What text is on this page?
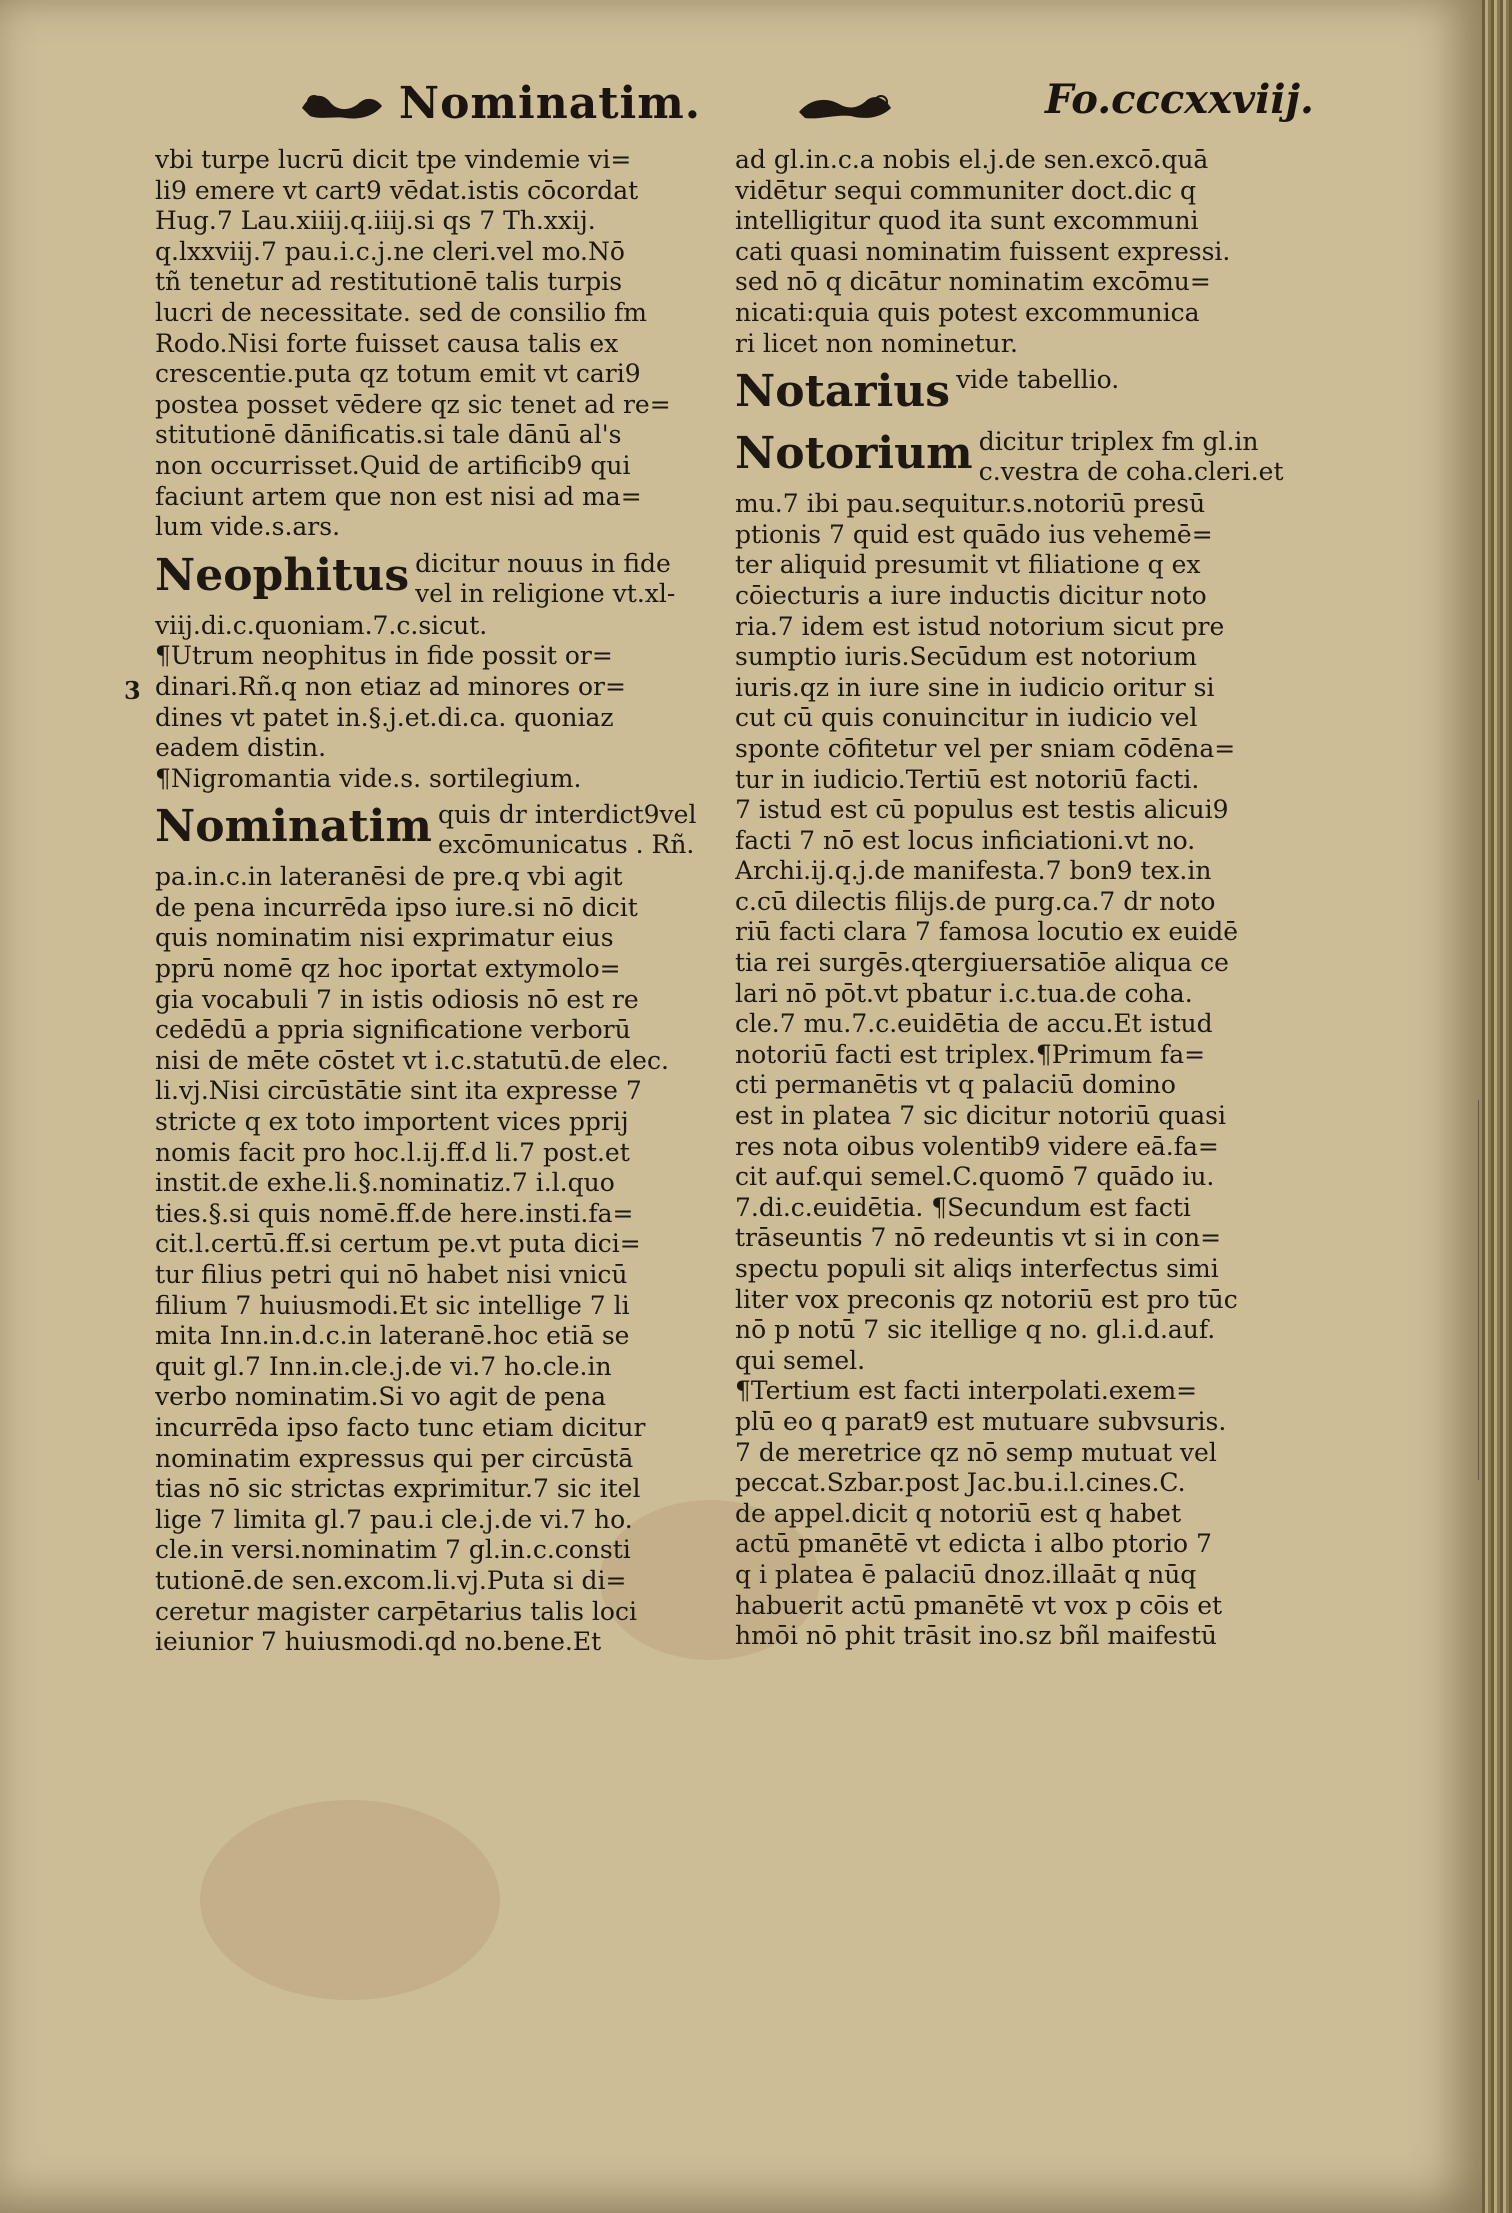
Nominatim.	Fo.cccxxviij.
3
vbi turpe lucrū dicit tpe vindemie vi=
li9 emere vt cart9 vēdat.istis cōcordat
Hug.7 Lau.xiiij.q.iiij.si qs 7 Th.xxij.
q.lxxviij.7 pau.i.c.j.ne cleri.vel mo.Nō
tñ tenetur ad restitutionē talis turpis
lucri de necessitate. sed de consilio fm
Rodo.Nisi forte fuisset causa talis ex
crescentie.puta qz totum emit vt cari9
postea posset vēdere qz sic tenet ad re=
stitutionē dānificatis.si tale dānū al's
non occurrisset.Quid de artificib9 qui
faciunt artem que non est nisi ad ma=
lum vide.s.ars.
Neophitus dicitur nouus in fide
vel in religione vt.xl-
viij.di.c.quoniam.7.c.sicut.
¶Utrum neophitus in fide possit or=
dinari.Rñ.q non etiaz ad minores or=
dines vt patet in.§.j.et.di.ca. quoniaz
eadem distin.
¶Nigromantia vide.s. sortilegium.
Nominatim quis dr interdict9vel
excōmunicatus . Rñ.
pa.in.c.in lateranēsi de pre.q vbi agit
de pena incurrēda ipso iure.si nō dicit
quis nominatim nisi exprimatur eius
pprū nomē qz hoc iportat extymolo=
gia vocabuli 7 in istis odiosis nō est re
cedēdū a ppria significatione verborū
nisi de mēte cōstet vt i.c.statutū.de elec.
li.vj.Nisi circūstātie sint ita expresse 7
stricte q ex toto importent vices pprij
nomis facit pro hoc.l.ij.ff.d li.7 post.et
instit.de exhe.li.§.nominatiz.7 i.l.quo
ties.§.si quis nomē.ff.de here.insti.fa=
cit.l.certū.ff.si certum pe.vt puta dici=
tur filius petri qui nō habet nisi vnicū
filium 7 huiusmodi.Et sic intellige 7 li
mita Inn.in.d.c.in lateranē.hoc etiā se
quit gl.7 Inn.in.cle.j.de vi.7 ho.cle.in
verbo nominatim.Si vo agit de pena
incurrēda ipso facto tunc etiam dicitur
nominatim expressus qui per circūstā
tias nō sic strictas exprimitur.7 sic itel
lige 7 limita gl.7 pau.i cle.j.de vi.7 ho.
cle.in versi.nominatim 7 gl.in.c.consti
tutionē.de sen.excom.li.vj.Puta si di=
ceretur magister carpētarius talis loci
ieiunior 7 huiusmodi.qd no.bene.Et
ad gl.in.c.a nobis el.j.de sen.excō.quā
vidētur sequi communiter doct.dic q
intelligitur quod ita sunt excommuni
cati quasi nominatim fuissent expressi.
sed nō q dicātur nominatim excōmu=
nicati:quia quis potest excommunica
ri licet non nominetur.
Notarius vide tabellio.
Notorium dicitur triplex fm gl.in
c.vestra de coha.cleri.et
mu.7 ibi pau.sequitur.s.notoriū presū
ptionis 7 quid est quādo ius vehemē=
ter aliquid presumit vt filiatione q ex
cōiecturis a iure inductis dicitur noto
ria.7 idem est istud notorium sicut pre
sumptio iuris.Secūdum est notorium
iuris.qz in iure sine in iudicio oritur si
cut cū quis conuincitur in iudicio vel
sponte cōfitetur vel per sniam cōdēna=
tur in iudicio.Tertiū est notoriū facti.
7 istud est cū populus est testis alicui9
facti 7 nō est locus inficiationi.vt no.
Archi.ij.q.j.de manifesta.7 bon9 tex.in
c.cū dilectis filijs.de purg.ca.7 dr noto
riū facti clara 7 famosa locutio ex euidē
tia rei surgēs.qtergiuersatiōe aliqua ce
lari nō pōt.vt pbatur i.c.tua.de coha.
cle.7 mu.7.c.euidētia de accu.Et istud
notoriū facti est triplex.¶Primum fa=
cti permanētis vt q palaciū domino
est in platea 7 sic dicitur notoriū quasi
res nota oibus volentib9 videre eā.fa=
cit auf.qui semel.C.quomō 7 quādo iu.
7.di.c.euidētia. ¶Secundum est facti
trāseuntis 7 nō redeuntis vt si in con=
spectu populi sit aliqs interfectus simi
liter vox preconis qz notoriū est pro tūc
nō p notū 7 sic itellige q no. gl.i.d.auf.
qui semel.
¶Tertium est facti interpolati.exem=
plū eo q parat9 est mutuare subvsuris.
7 de meretrice qz nō semp mutuat vel
peccat.Szbar.post Jac.bu.i.l.cines.C.
de appel.dicit q notoriū est q habet
actū pmanētē vt edicta i albo ptorio 7
q i platea ē palaciū dnoz.illaāt q nūq
habuerit actū pmanētē vt vox p cōis et
hmōi nō phit trāsit ino.sz bñl maifestū
